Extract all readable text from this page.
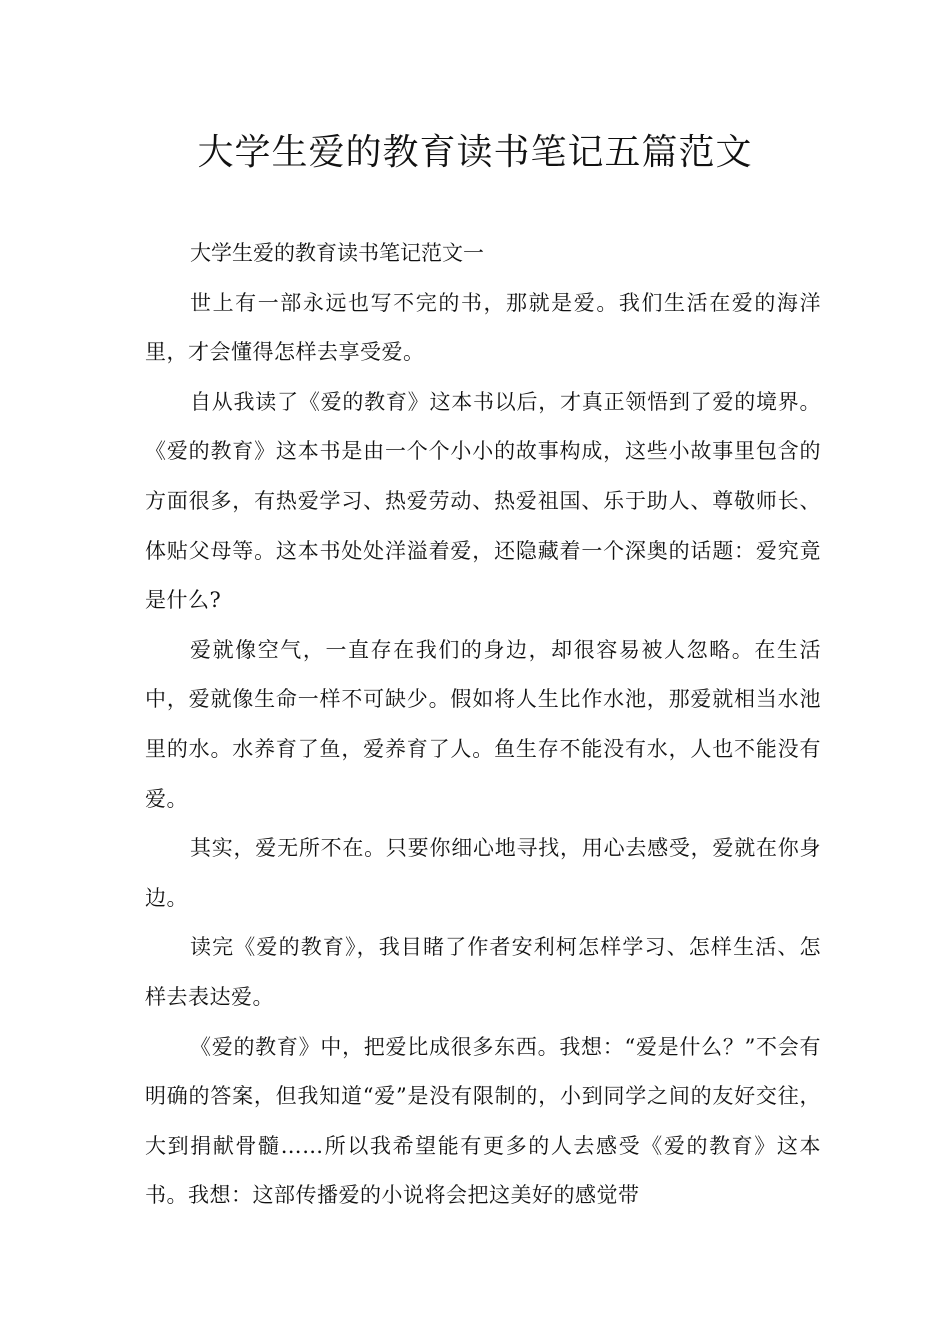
大学生爱的教育读书笔记五篇范文

大学生爱的教育读书笔记范文一

世上有一部永远也写不完的书，那就是爱。我们生活在爱的海洋里，才会懂得怎样去享受爱。

自从我读了《爱的教育》这本书以后，才真正领悟到了爱的境界。《爱的教育》这本书是由一个个小小的故事构成，这些小故事里包含的方面很多，有热爱学习、热爱劳动、热爱祖国、乐于助人、尊敬师长、体贴父母等。这本书处处洋溢着爱，还隐藏着一个深奥的话题：爱究竟是什么?

爱就像空气，一直存在我们的身边，却很容易被人忽略。在生活中，爱就像生命一样不可缺少。假如将人生比作水池，那爱就相当水池里的水。水养育了鱼，爱养育了人。鱼生存不能没有水，人也不能没有爱。

其实，爱无所不在。只要你细心地寻找，用心去感受，爱就在你身边。

读完《爱的教育》，我目睹了作者安利柯怎样学习、怎样生活、怎样去表达爱。

《爱的教育》中，把爱比成很多东西。我想：“爱是什么？”不会有明确的答案，但我知道“爱”是没有限制的，小到同学之间的友好交往，大到捐献骨髓……所以我希望能有更多的人去感受《爱的教育》这本书。我想：这部传播爱的小说将会把这美好的感觉带
